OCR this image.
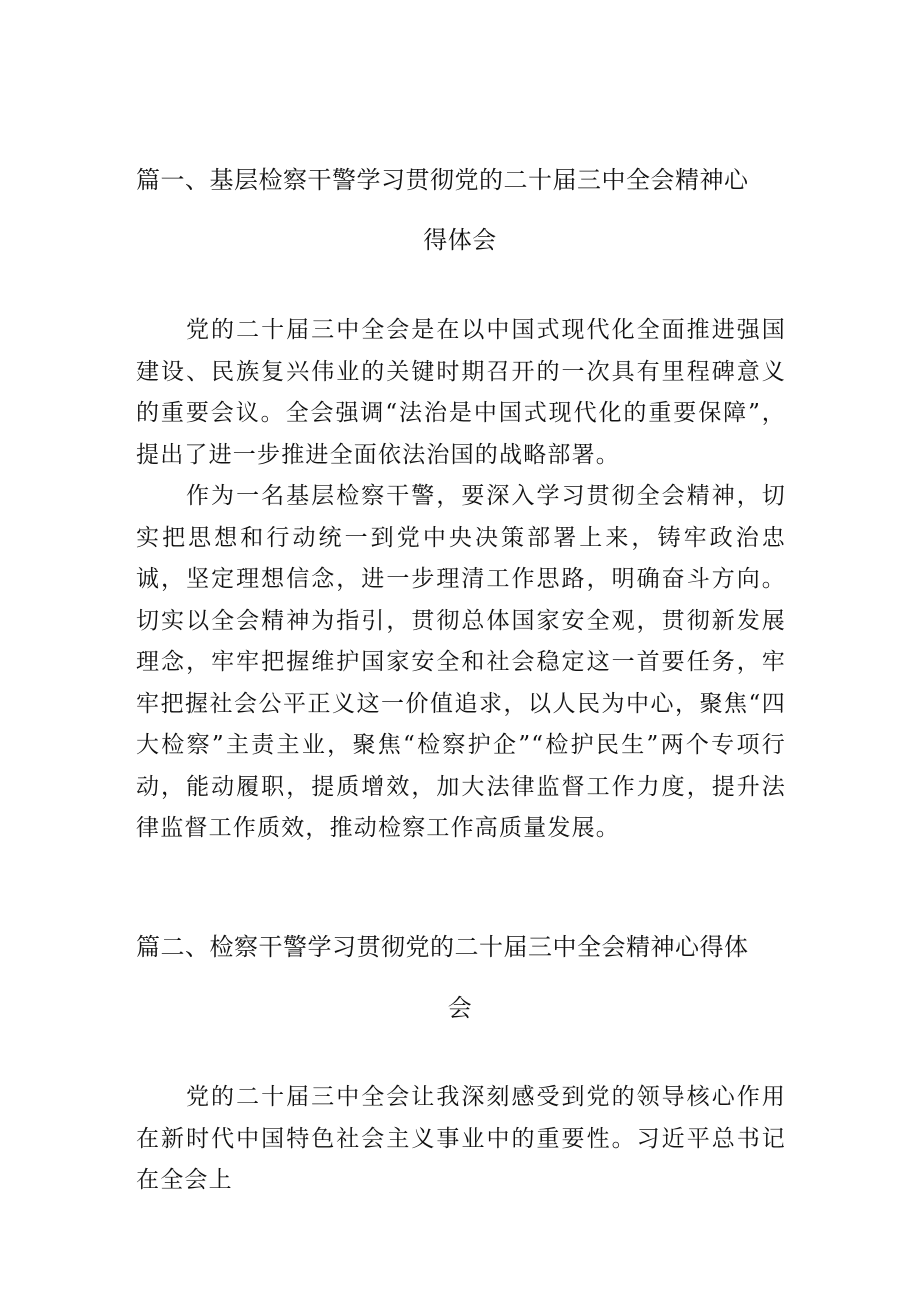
篇一、基层检察干警学习贯彻党的二十届三中全会精神心
得体会

党的二十届三中全会是在以中国式现代化全面推进强国建设、民族复兴伟业的关键时期召开的一次具有里程碑意义的重要会议。全会强调“法治是中国式现代化的重要保障”，提出了进一步推进全面依法治国的战略部署。

作为一名基层检察干警，要深入学习贯彻全会精神，切实把思想和行动统一到党中央决策部署上来，铸牢政治忠诚，坚定理想信念，进一步理清工作思路，明确奋斗方向。切实以全会精神为指引，贯彻总体国家安全观，贯彻新发展理念，牢牢把握维护国家安全和社会稳定这一首要任务，牢牢把握社会公平正义这一价值追求，以人民为中心，聚焦“四大检察”主责主业，聚焦“检察护企”“检护民生”两个专项行动，能动履职，提质增效，加大法律监督工作力度，提升法律监督工作质效，推动检察工作高质量发展。

篇二、检察干警学习贯彻党的二十届三中全会精神心得体
会

党的二十届三中全会让我深刻感受到党的领导核心作用在新时代中国特色社会主义事业中的重要性。习近平总书记在全会上
